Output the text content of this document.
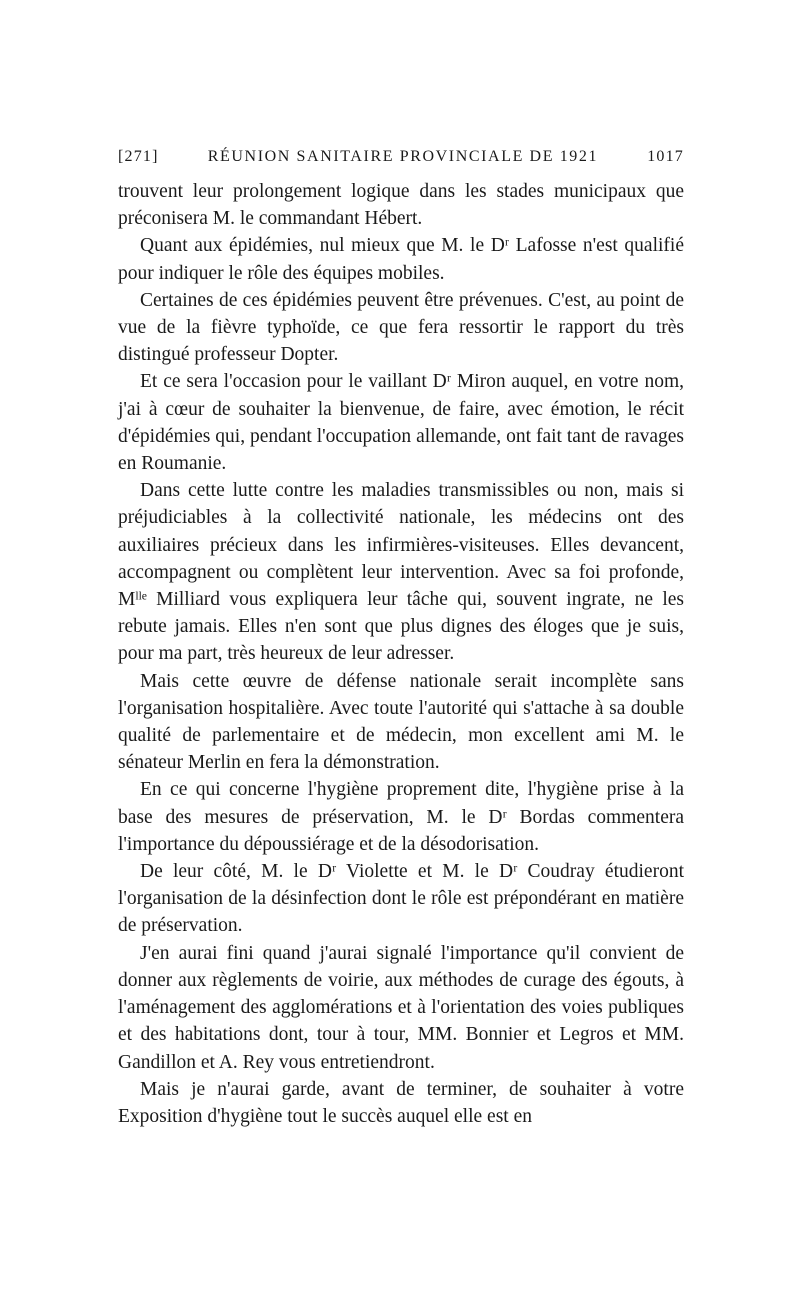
[271]	RÉUNION SANITAIRE PROVINCIALE DE 1921	1017

trouvent leur prolongement logique dans les stades municipaux que préconisera M. le commandant Hébert.

Quant aux épidémies, nul mieux que M. le Dʳ Lafosse n'est qualifié pour indiquer le rôle des équipes mobiles.

Certaines de ces épidémies peuvent être prévenues. C'est, au point de vue de la fièvre typhoïde, ce que fera ressortir le rapport du très distingué professeur Dopter.

Et ce sera l'occasion pour le vaillant Dʳ Miron auquel, en votre nom, j'ai à cœur de souhaiter la bienvenue, de faire, avec émotion, le récit d'épidémies qui, pendant l'occupation allemande, ont fait tant de ravages en Roumanie.

Dans cette lutte contre les maladies transmissibles ou non, mais si préjudiciables à la collectivité nationale, les médecins ont des auxiliaires précieux dans les infirmières-visiteuses. Elles devancent, accompagnent ou complètent leur intervention. Avec sa foi profonde, Mˡˡᵉ Milliard vous expliquera leur tâche qui, souvent ingrate, ne les rebute jamais. Elles n'en sont que plus dignes des éloges que je suis, pour ma part, très heureux de leur adresser.

Mais cette œuvre de défense nationale serait incomplète sans l'organisation hospitalière. Avec toute l'autorité qui s'attache à sa double qualité de parlementaire et de médecin, mon excellent ami M. le sénateur Merlin en fera la démonstration.

En ce qui concerne l'hygiène proprement dite, l'hygiène prise à la base des mesures de préservation, M. le Dʳ Bordas commentera l'importance du dépoussiérage et de la désodorisation.

De leur côté, M. le Dʳ Violette et M. le Dʳ Coudray étudieront l'organisation de la désinfection dont le rôle est prépondérant en matière de préservation.

J'en aurai fini quand j'aurai signalé l'importance qu'il convient de donner aux règlements de voirie, aux méthodes de curage des égouts, à l'aménagement des agglomérations et à l'orientation des voies publiques et des habitations dont, tour à tour, MM. Bonnier et Legros et MM. Gandillon et A. Rey vous entretiendront.

Mais je n'aurai garde, avant de terminer, de souhaiter à votre Exposition d'hygiène tout le succès auquel elle est en
